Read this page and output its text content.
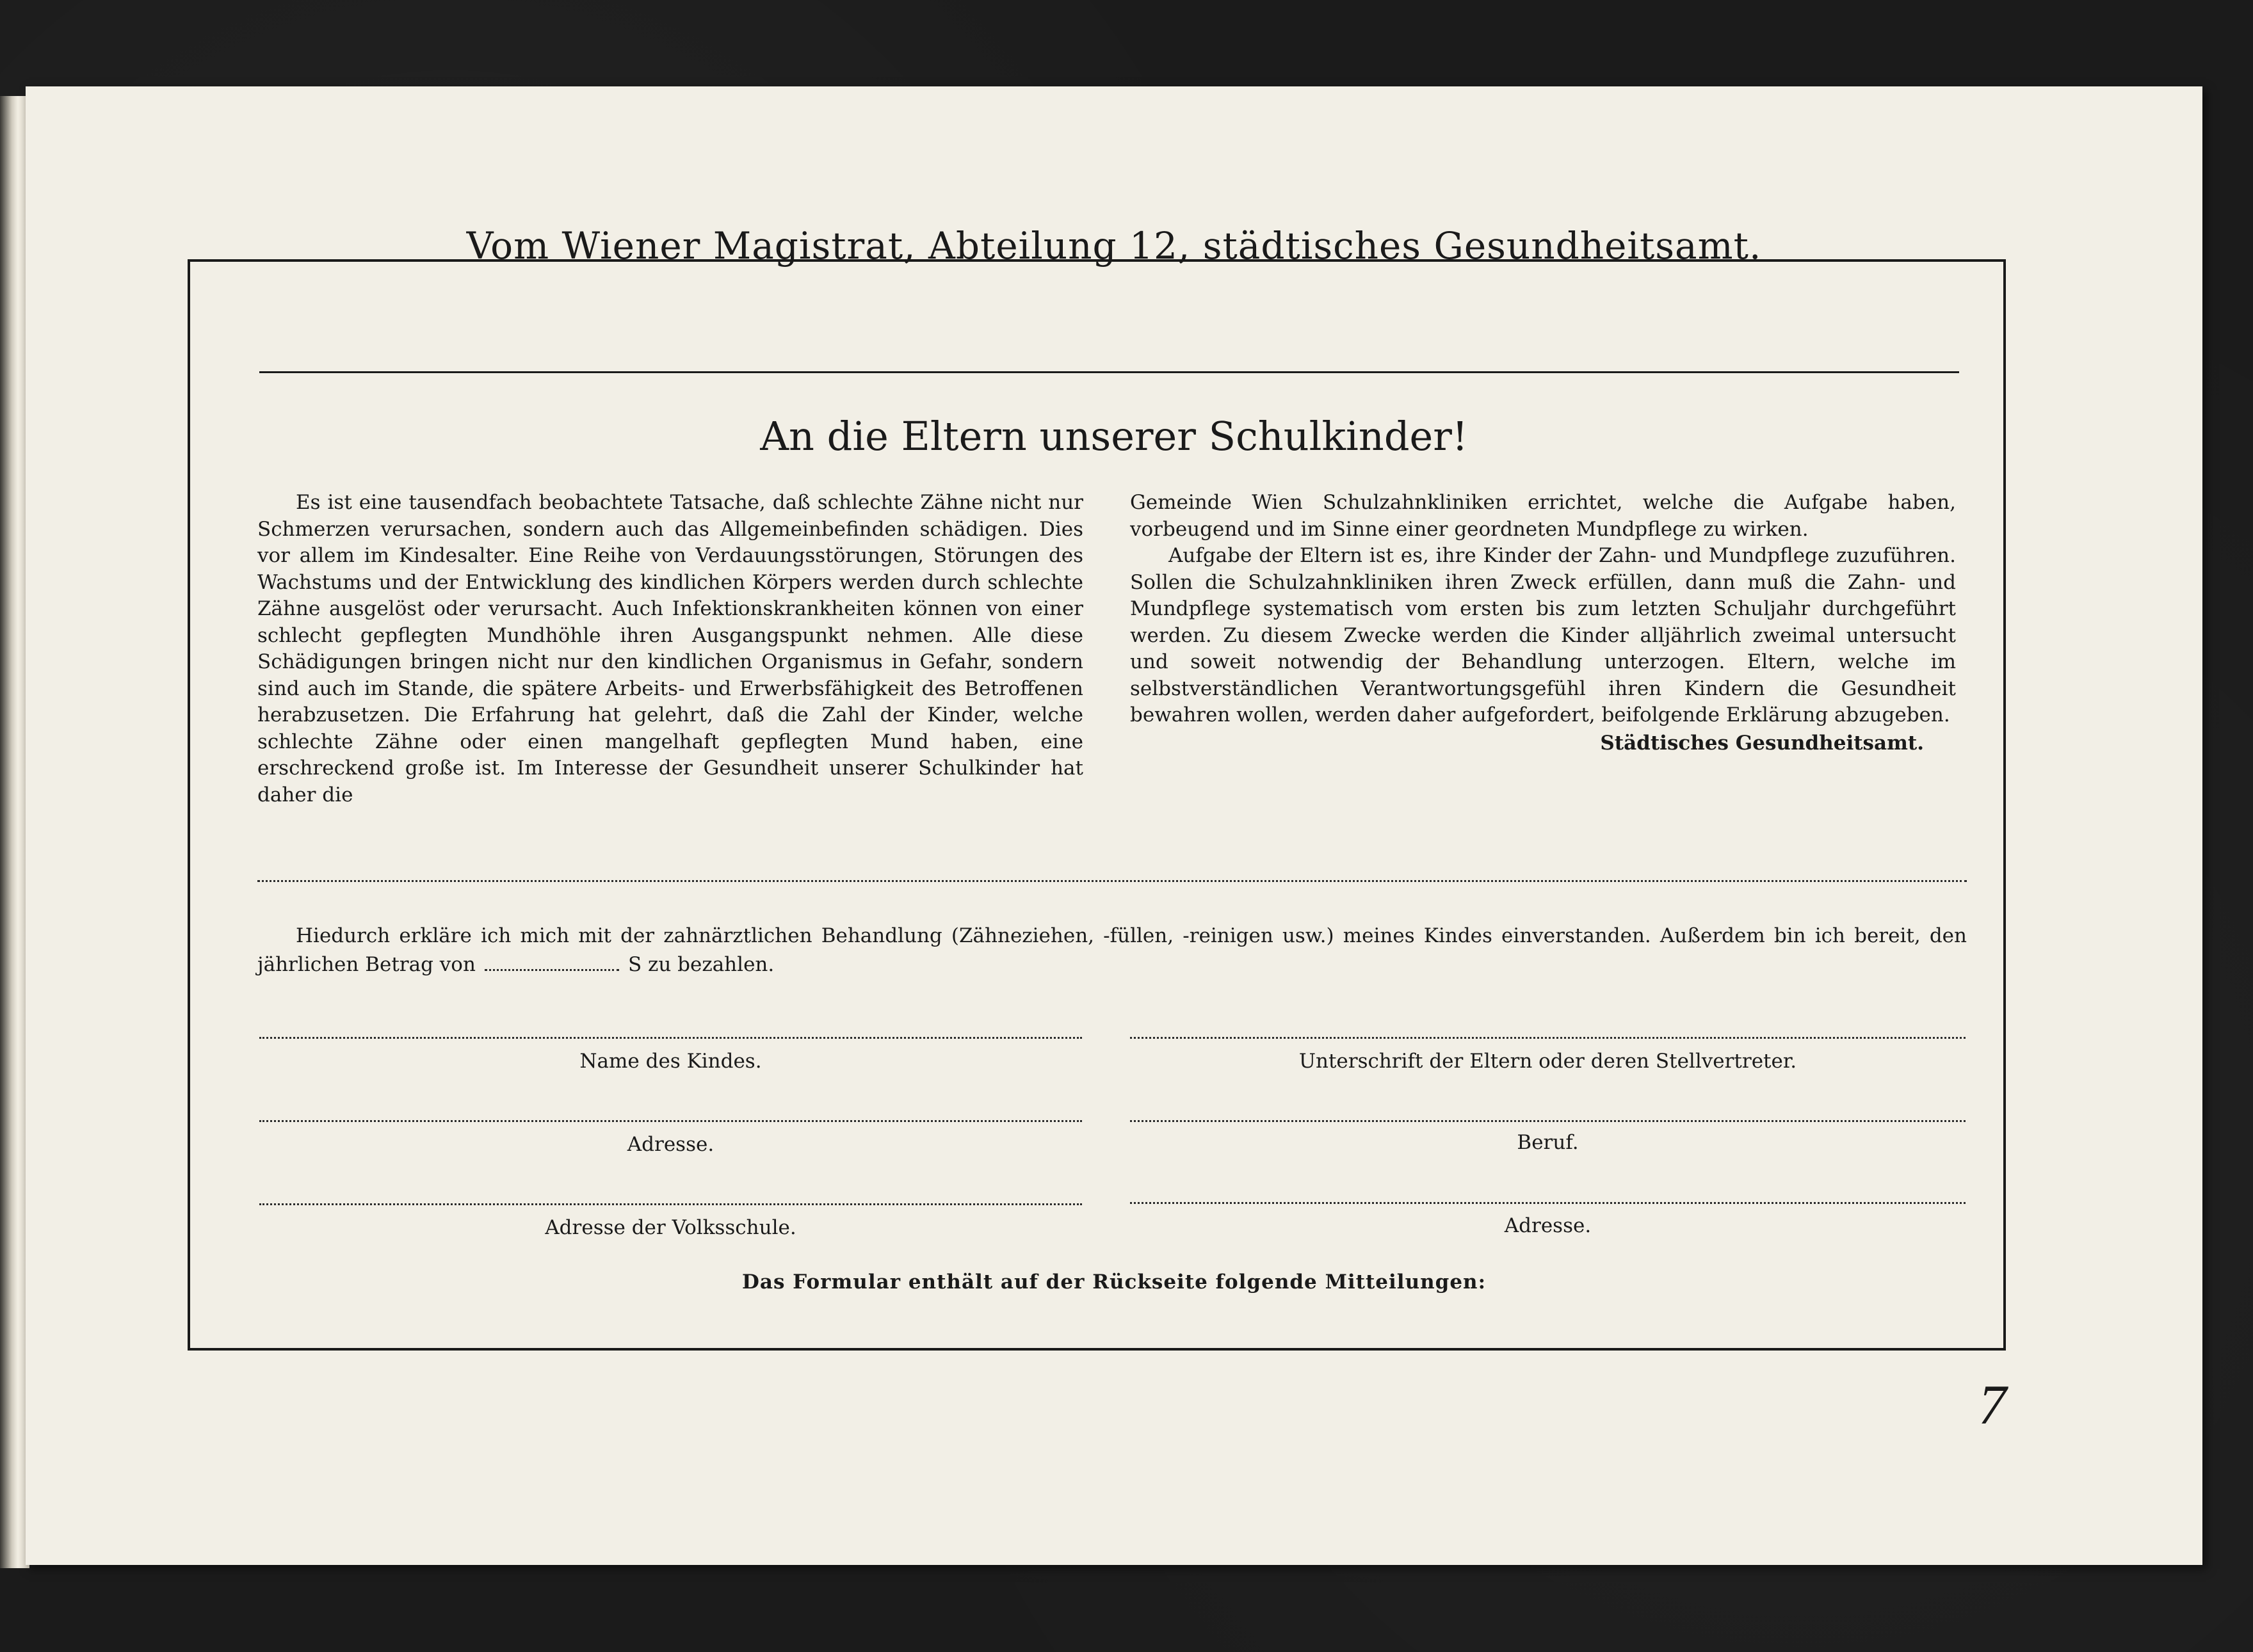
Vom Wiener Magistrat, Abteilung 12, städtisches Gesundheitsamt.
An die Eltern unserer Schulkinder!

Es ist eine tausendfach beobachtete Tatsache, daß schlechte Zähne nicht nur Schmerzen verursachen, sondern auch das Allgemeinbefinden schädigen. Dies vor allem im Kindesalter. Eine Reihe von Verdauungsstörungen, Störungen des Wachstums und der Entwicklung des kindlichen Körpers werden durch schlechte Zähne ausgelöst oder verursacht. Auch Infektionskrankheiten können von einer schlecht gepflegten Mundhöhle ihren Ausgangspunkt nehmen. Alle diese Schädigungen bringen nicht nur den kindlichen Organismus in Gefahr, sondern sind auch im Stande, die spätere Arbeits- und Erwerbsfähigkeit des Betroffenen herabzusetzen. Die Erfahrung hat gelehrt, daß die Zahl der Kinder, welche schlechte Zähne oder einen mangelhaft gepflegten Mund haben, eine erschreckend große ist. Im Interesse der Gesundheit unserer Schulkinder hat daher die

Gemeinde Wien Schulzahnkliniken errichtet, welche die Aufgabe haben, vorbeugend und im Sinne einer geordneten Mundpflege zu wirken.

Aufgabe der Eltern ist es, ihre Kinder der Zahn- und Mundpflege zuzuführen. Sollen die Schulzahnkliniken ihren Zweck erfüllen, dann muß die Zahn- und Mundpflege systematisch vom ersten bis zum letzten Schuljahr durchgeführt werden. Zu diesem Zwecke werden die Kinder alljährlich zweimal untersucht und soweit notwendig der Behandlung unterzogen. Eltern, welche im selbstverständlichen Verantwortungsgefühl ihren Kindern die Gesundheit bewahren wollen, werden daher aufgefordert, beifolgende Erklärung abzugeben.

Städtisches Gesundheitsamt.

Hiedurch erkläre ich mich mit der zahnärztlichen Behandlung (Zähneziehen, -füllen, -reinigen usw.) meines Kindes einverstanden. Außerdem bin ich bereit, den jährlichen Betrag von	S zu bezahlen.

Name des Kindes.	Unterschrift der Eltern oder deren Stellvertreter.
Adresse.	Beruf.
Adresse der Volksschule.	Adresse.
Das Formular enthält auf der Rückseite folgende Mitteilungen:
7
